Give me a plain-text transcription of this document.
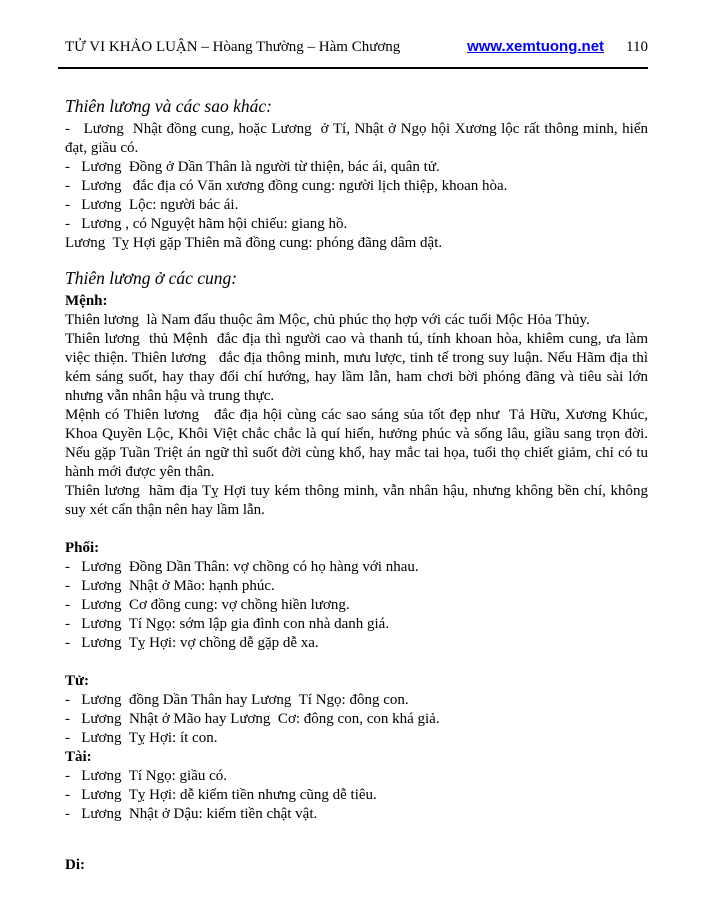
TỬ VI KHẢO LUẬN – Hòang Thường – Hàm Chương	www.xemtuong.net 110
Thiên lương và các sao khác:

-   Lương  Nhật đồng cung, hoặc Lương  ở Tí, Nhật ở Ngọ hội Xương lộc rất thông minh, hiển đạt, giầu có.

-   Lương  Đồng ở Dần Thân là người từ thiện, bác ái, quân tử.

-   Lương   đắc địa có Văn xương đồng cung: người lịch thiệp, khoan hòa.

-   Lương  Lộc: người bác ái.

-   Lương , có Nguyệt hãm hội chiếu: giang hồ.

Lương  Tỵ Hợi gặp Thiên mã đồng cung: phóng đãng dâm dật.

Thiên lương ở các cung:

Mệnh:

Thiên lương  là Nam đẩu thuộc âm Mộc, chủ phúc thọ hợp với các tuổi Mộc Hỏa Thủy.

Thiên lương  thủ Mệnh  đắc địa thì người cao và thanh tú, tính khoan hòa, khiêm cung, ưa làm việc thiện. Thiên lương   đắc địa thông minh, mưu lược, tinh tế trong suy luận. Nếu Hãm địa thì kém sáng suốt, hay thay đổi chí hướng, hay lầm lẫn, ham chơi bời phóng đãng và tiêu sài lớn nhưng vẫn nhân hậu và trung thực.

Mệnh có Thiên lương   đắc địa hội cùng các sao sáng sủa tốt đẹp như  Tả Hữu, Xương Khúc, Khoa Quyền Lộc, Khôi Việt chắc chắc là quí hiển, hưởng phúc và sống lâu, giầu sang trọn đời. Nếu gặp Tuần Triệt án ngữ thì suốt đời cùng khổ, hay mắc tai họa, tuổi thọ chiết giảm, chỉ có tu hành mới được yên thân.

Thiên lương  hãm địa Tỵ Hợi tuy kém thông minh, vẫn nhân hậu, nhưng không bền chí, không suy xét cẩn thận nên hay lầm lẫn.

Phối:

-   Lương  Đồng Dần Thân: vợ chồng có họ hàng với nhau.

-   Lương  Nhật ở Mão: hạnh phúc.

-   Lương  Cơ đồng cung: vợ chồng hiền lương.

-   Lương  Tí Ngọ: sớm lập gia đình con nhà danh giá.

-   Lương  Tỵ Hợi: vợ chồng dễ gặp dễ xa.

Tử:

-   Lương  đồng Dần Thân hay Lương  Tí Ngọ: đông con.

-   Lương  Nhật ở Mão hay Lương  Cơ: đông con, con khá giả.

-   Lương  Tỵ Hợi: ít con.

Tài:

-   Lương  Tí Ngọ: giầu có.

-   Lương  Tỵ Hợi: dễ kiếm tiền nhưng cũng dễ tiêu.

-   Lương  Nhật ở Dậu: kiếm tiền chật vật.

Di:
